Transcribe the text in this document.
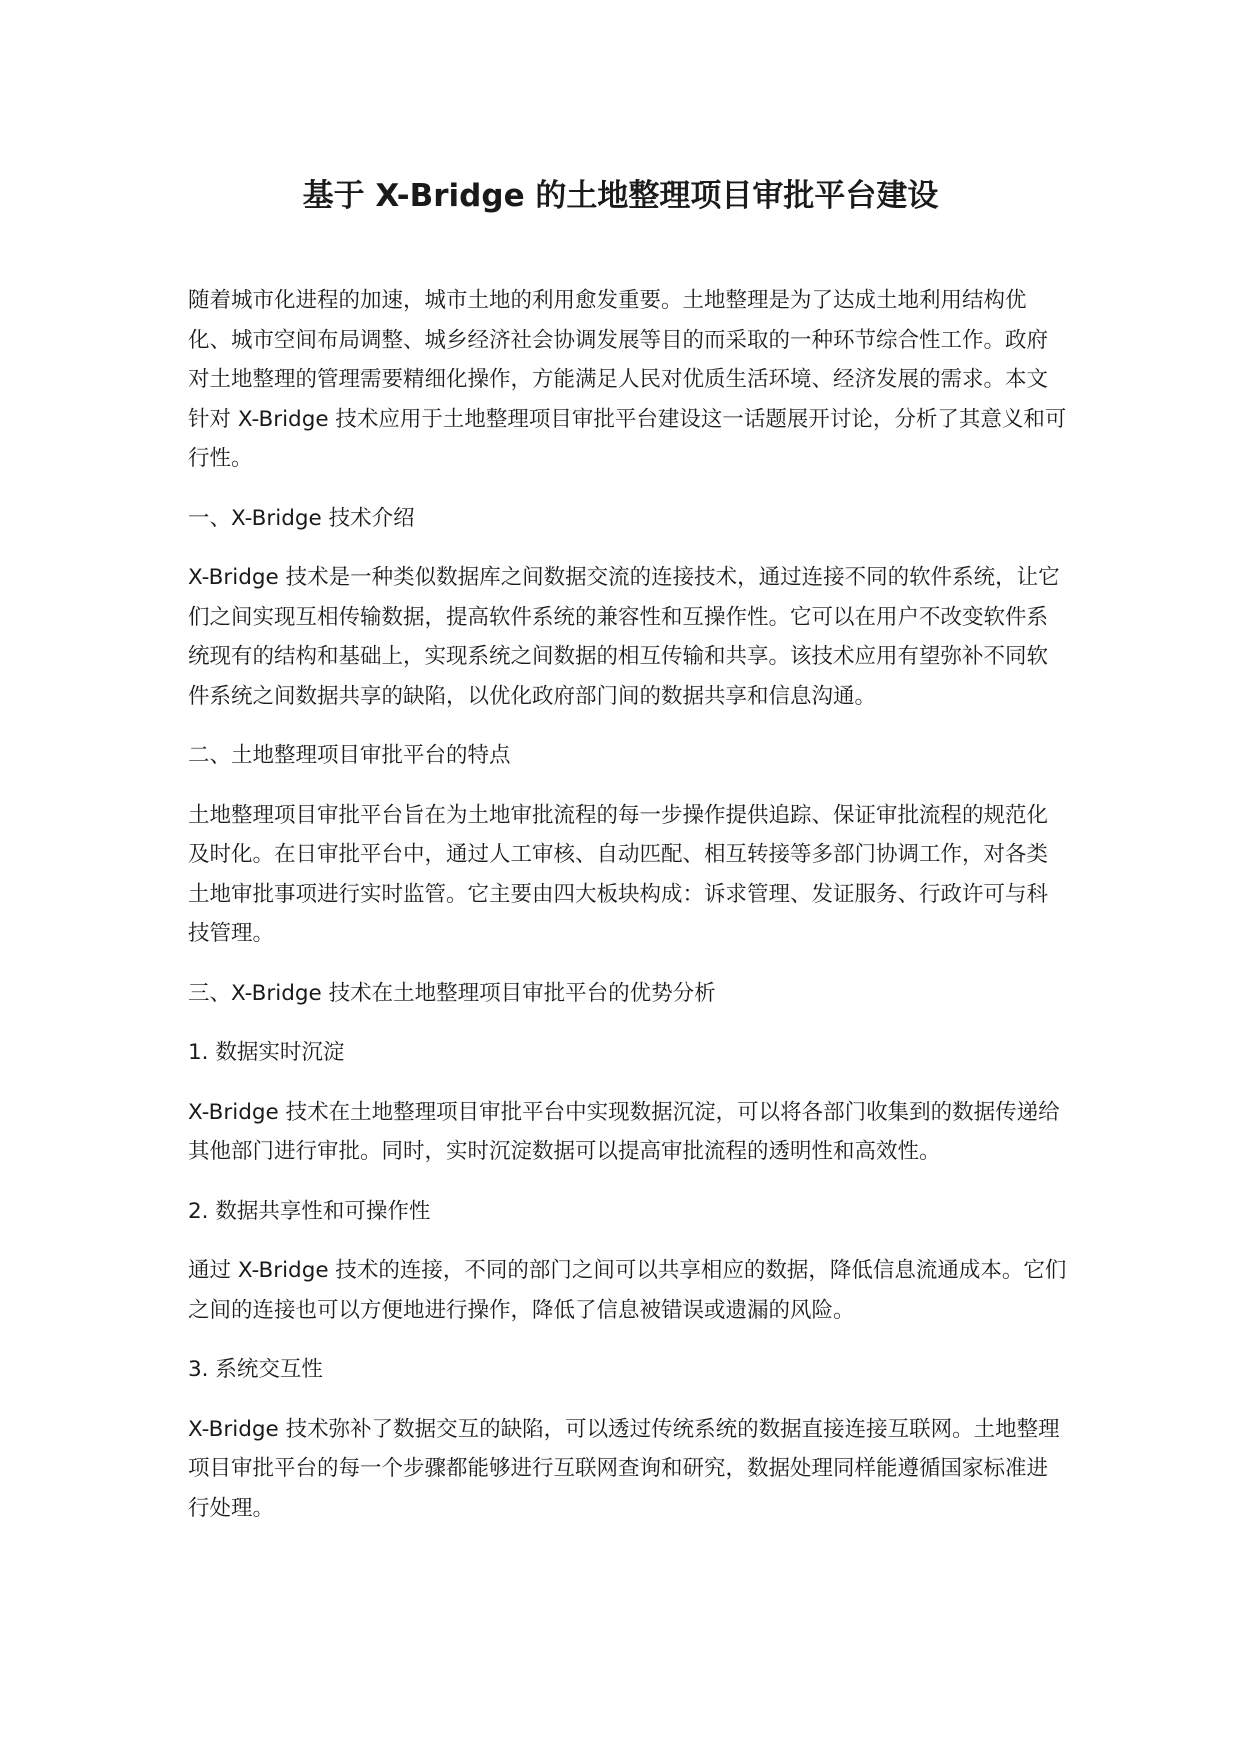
基于 X-Bridge 的土地整理项目审批平台建设

随着城市化进程的加速，城市土地的利用愈发重要。土地整理是为了达成土地利用结构优化、城市空间布局调整、城乡经济社会协调发展等目的而采取的一种环节综合性工作。政府对土地整理的管理需要精细化操作，方能满足人民对优质生活环境、经济发展的需求。本文针对 X-Bridge 技术应用于土地整理项目审批平台建设这一话题展开讨论，分析了其意义和可行性。

一、X-Bridge 技术介绍

X-Bridge 技术是一种类似数据库之间数据交流的连接技术，通过连接不同的软件系统，让它们之间实现互相传输数据，提高软件系统的兼容性和互操作性。它可以在用户不改变软件系统现有的结构和基础上，实现系统之间数据的相互传输和共享。该技术应用有望弥补不同软件系统之间数据共享的缺陷，以优化政府部门间的数据共享和信息沟通。

二、土地整理项目审批平台的特点

土地整理项目审批平台旨在为土地审批流程的每一步操作提供追踪、保证审批流程的规范化及时化。在日审批平台中，通过人工审核、自动匹配、相互转接等多部门协调工作，对各类土地审批事项进行实时监管。它主要由四大板块构成：诉求管理、发证服务、行政许可与科技管理。

三、X-Bridge 技术在土地整理项目审批平台的优势分析

1. 数据实时沉淀

X-Bridge 技术在土地整理项目审批平台中实现数据沉淀，可以将各部门收集到的数据传递给其他部门进行审批。同时，实时沉淀数据可以提高审批流程的透明性和高效性。

2. 数据共享性和可操作性

通过 X-Bridge 技术的连接，不同的部门之间可以共享相应的数据，降低信息流通成本。它们之间的连接也可以方便地进行操作，降低了信息被错误或遗漏的风险。

3. 系统交互性

X-Bridge 技术弥补了数据交互的缺陷，可以透过传统系统的数据直接连接互联网。土地整理项目审批平台的每一个步骤都能够进行互联网查询和研究，数据处理同样能遵循国家标准进行处理。
